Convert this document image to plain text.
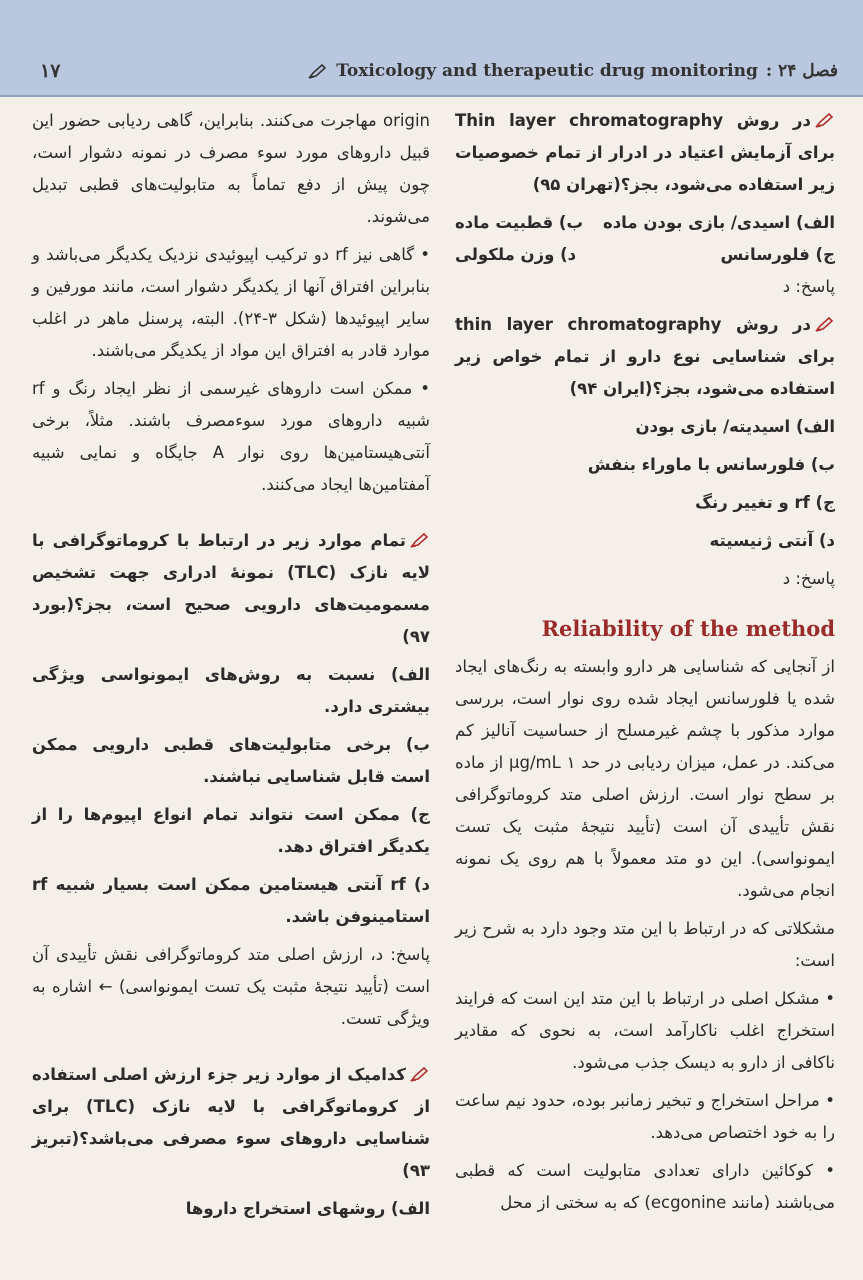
۱۷	Toxicology and therapeutic drug monitoring فصل ۲۴ :

در روش Thin layer chromatography برای آزمایش اعتیاد در ادرار از تمام خصوصیات زیر استفاده می‌شود، بجز؟(تهران ۹۵)

الف) اسیدی/ بازی بودن ماده
ب) قطبیت ماده
ج) فلورسانس
د) وزن ملکولی

پاسخ: د

در روش thin layer chromatography برای شناسایی نوع دارو از تمام خواص زیر استفاده می‌شود، بجز؟(ایران ۹۴)

الف) اسیدیته/ بازی بودن

ب) فلورسانس با ماوراء بنفش

ج) rf و تغییر رنگ

د) آنتی ژنیسیته

پاسخ: د

Reliability of the method

از آنجایی که شناسایی هر دارو وابسته به رنگ‌های ایجاد شده یا فلورسانس ایجاد شده روی نوار است، بررسی موارد مذکور با چشم غیرمسلح از حساسیت آنالیز کم می‌کند. در عمل، میزان ردیابی در حد ۱ μg/mL از ماده بر سطح نوار است. ارزش اصلی متد کروماتوگرافی نقش تأییدی آن است (تأیید نتیجهٔ مثبت یک تست ایمونواسی). این دو متد معمولاً با هم روی یک نمونه انجام می‌شود.

مشکلاتی که در ارتباط با این متد وجود دارد به شرح زیر است:

• مشکل اصلی در ارتباط با این متد این است که فرایند استخراج اغلب ناکارآمد است، به نحوی که مقادیر ناکافی از دارو به دیسک جذب می‌شود.

• مراحل استخراج و تبخیر زمانبر بوده، حدود نیم ساعت را به خود اختصاص می‌دهد.

• کوکائین دارای تعدادی متابولیت است که قطبی می‌باشند (مانند ecgonine) که به سختی از محل

origin مهاجرت می‌کنند. بنابراین، گاهی ردیابی حضور این قبیل داروهای مورد سوء مصرف در نمونه دشوار است، چون پیش از دفع تماماً به متابولیت‌های قطبی تبدیل می‌شوند.

• گاهی نیز rf دو ترکیب اپیوئیدی نزدیک یکدیگر می‌باشد و بنابراین افتراق آنها از یکدیگر دشوار است، مانند مورفین و سایر اپیوئیدها (شکل ۳-۲۴). البته، پرسنل ماهر در اغلب موارد قادر به افتراق این مواد از یکدیگر می‌باشند.

• ممکن است داروهای غیرسمی از نظر ایجاد رنگ و rf شبیه داروهای مورد سوءمصرف باشند. مثلاً، برخی آنتی‌هیستامین‌ها روی نوار A جایگاه و نمایی شبیه آمفتامین‌ها ایجاد می‌کنند.

تمام موارد زیر در ارتباط با کروماتوگرافی با لایه نازک (TLC) نمونهٔ ادراری جهت تشخیص مسمومیت‌های دارویی صحیح است، بجز؟(بورد ۹۷)

الف) نسبت به روش‌های ایمونواسی ویژگی بیشتری دارد.

ب) برخی متابولیت‌های قطبی دارویی ممکن است قابل شناسایی نباشند.

ج) ممکن است نتواند تمام انواع اپیوم‌ها را از یکدیگر افتراق دهد.

د) rf آنتی هیستامین ممکن است بسیار شبیه rf استامینوفن باشد.

پاسخ: د، ارزش اصلی متد کروماتوگرافی نقش تأییدی آن است (تأیید نتیجهٔ مثبت یک تست ایمونواسی) ← اشاره به ویژگی تست.

کدامیک از موارد زیر جزء ارزش اصلی استفاده از کروماتوگرافی با لایه نازک (TLC) برای شناسایی داروهای سوء مصرفی می‌باشد؟(تبریز ۹۳)

الف) روشهای استخراج داروها
